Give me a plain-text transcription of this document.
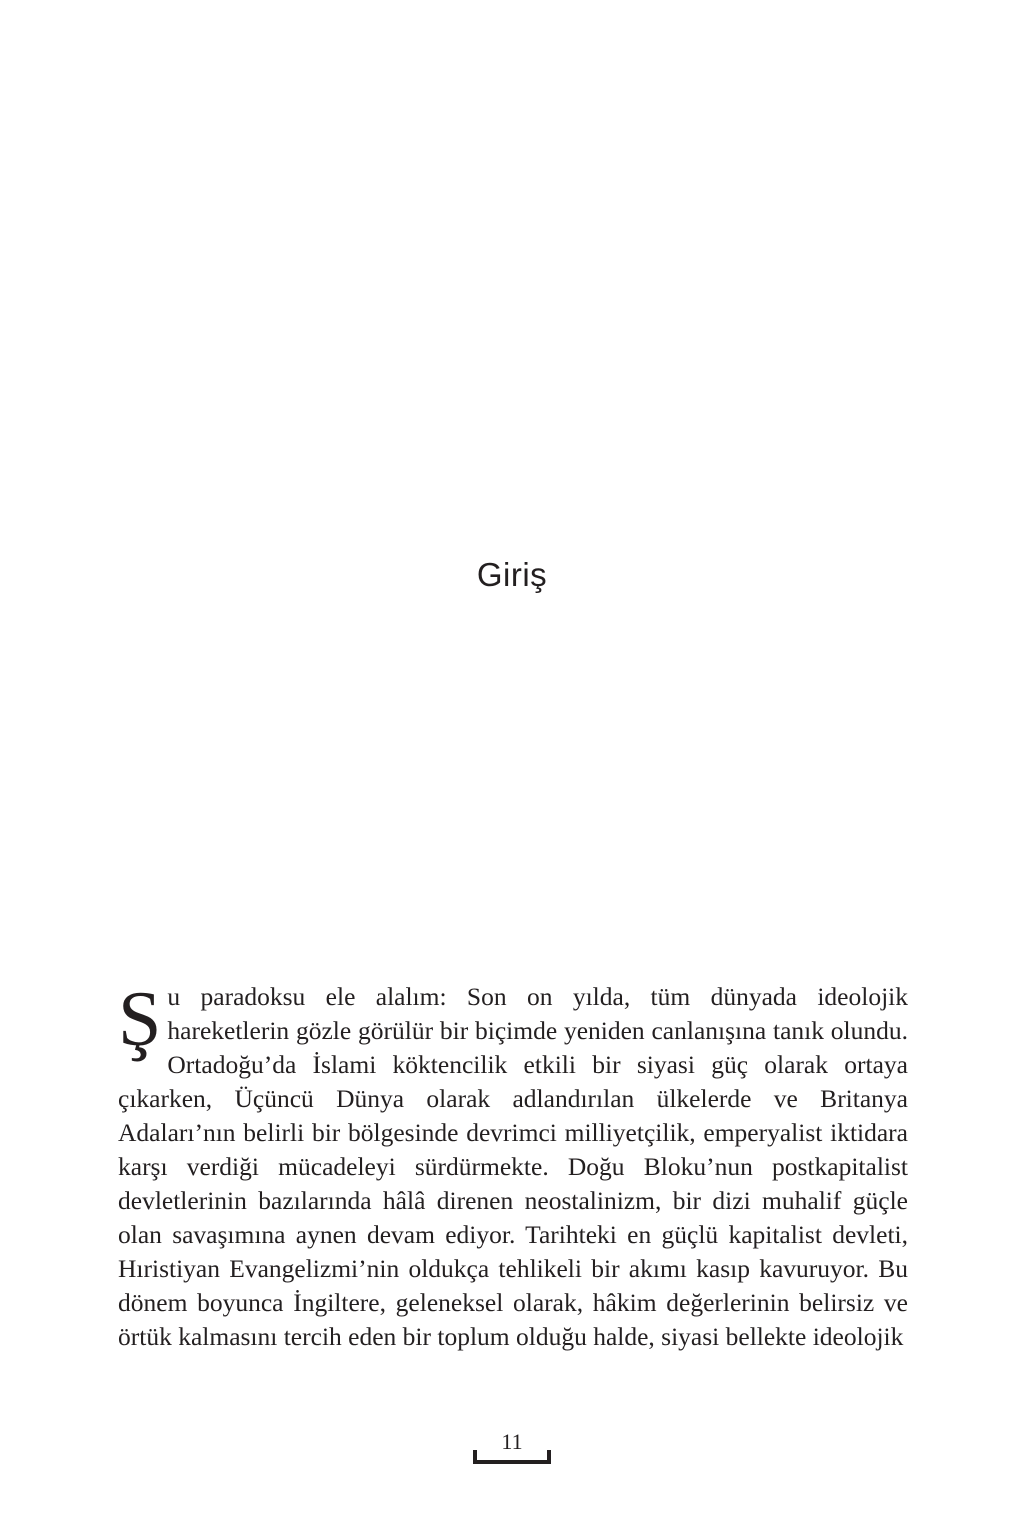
Giriş

Şu paradoksu ele alalım: Son on yılda, tüm dünyada ideolojik hareketlerin gözle görülür bir biçimde yeniden canlanışına tanık olundu. Ortadoğu’da İslami köktencilik etkili bir siyasi güç olarak ortaya çıkarken, Üçüncü Dünya olarak adlandırılan ülkelerde ve Britanya Adaları’nın belirli bir bölgesinde devrimci milliyetçilik, emperyalist iktidara karşı verdiği mücadeleyi sürdürmekte. Doğu Bloku’nun postkapitalist devletlerinin bazılarında hâlâ direnen neostalinizm, bir dizi muhalif güçle olan savaşımına aynen devam ediyor. Tarihteki en güçlü kapitalist devleti, Hıristiyan Evangelizmi’nin oldukça tehlikeli bir akımı kasıp kavuruyor. Bu dönem boyunca İngiltere, geleneksel olarak, hâkim değerlerinin belirsiz ve örtük kalmasını tercih eden bir toplum olduğu halde, siyasi bellekte ideolojik

11
